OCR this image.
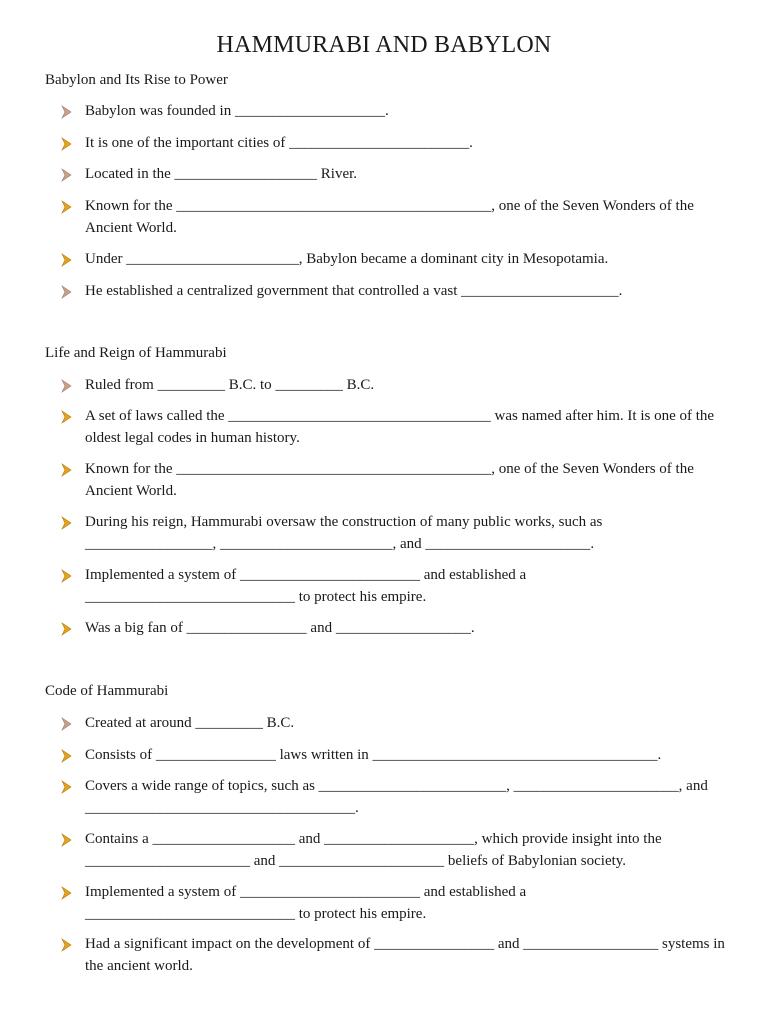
HAMMURABI AND BABYLON
Babylon and Its Rise to Power
Babylon was founded in ____________________.
It is one of the important cities of ________________________.
Located in the ___________________ River.
Known for the __________________________________________, one of the Seven Wonders of the Ancient World.
Under _______________________, Babylon became a dominant city in Mesopotamia.
He established a centralized government that controlled a vast _____________________.
Life and Reign of Hammurabi
Ruled from _________ B.C. to _________ B.C.
A set of laws called the ___________________________________ was named after him. It is one of the oldest legal codes in human history.
Known for the __________________________________________, one of the Seven Wonders of the Ancient World.
During his reign, Hammurabi oversaw the construction of many public works, such as _________________, _______________________, and ______________________.
Implemented a system of ________________________ and established a ____________________________ to protect his empire.
Was a big fan of ________________ and __________________.
Code of Hammurabi
Created at around _________ B.C.
Consists of ________________ laws written in ______________________________________.
Covers a wide range of topics, such as _________________________, ______________________, and ____________________________________.
Contains a ___________________ and ____________________, which provide insight into the ______________________ and ______________________ beliefs of Babylonian society.
Implemented a system of ________________________ and established a ____________________________ to protect his empire.
Had a significant impact on the development of ________________ and __________________ systems in the ancient world.
